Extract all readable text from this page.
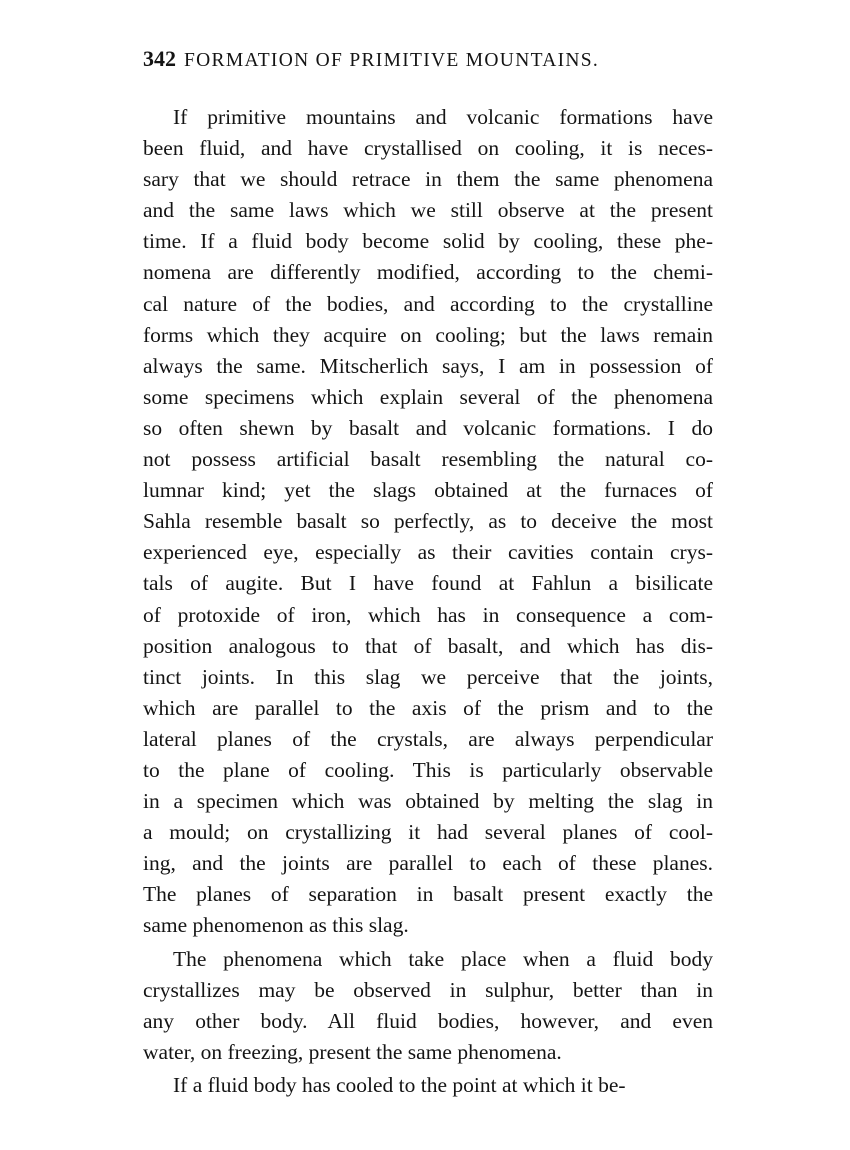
342 FORMATION OF PRIMITIVE MOUNTAINS.
If primitive mountains and volcanic formations have
been fluid, and have crystallised on cooling, it is neces-
sary that we should retrace in them the same phenomena
and the same laws which we still observe at the present
time. If a fluid body become solid by cooling, these phe-
nomena are differently modified, according to the chemi-
cal nature of the bodies, and according to the crystalline
forms which they acquire on cooling; but the laws remain
always the same. Mitscherlich says, I am in possession of
some specimens which explain several of the phenomena
so often shewn by basalt and volcanic formations. I do
not possess artificial basalt resembling the natural co-
lumnar kind; yet the slags obtained at the furnaces of
Sahla resemble basalt so perfectly, as to deceive the most
experienced eye, especially as their cavities contain crys-
tals of augite. But I have found at Fahlun a bisilicate
of protoxide of iron, which has in consequence a com-
position analogous to that of basalt, and which has dis-
tinct joints. In this slag we perceive that the joints,
which are parallel to the axis of the prism and to the
lateral planes of the crystals, are always perpendicular
to the plane of cooling. This is particularly observable
in a specimen which was obtained by melting the slag in
a mould; on crystallizing it had several planes of cool-
ing, and the joints are parallel to each of these planes.
The planes of separation in basalt present exactly the
same phenomenon as this slag.
The phenomena which take place when a fluid body
crystallizes may be observed in sulphur, better than in
any other body. All fluid bodies, however, and even
water, on freezing, present the same phenomena.
If a fluid body has cooled to the point at which it be-
